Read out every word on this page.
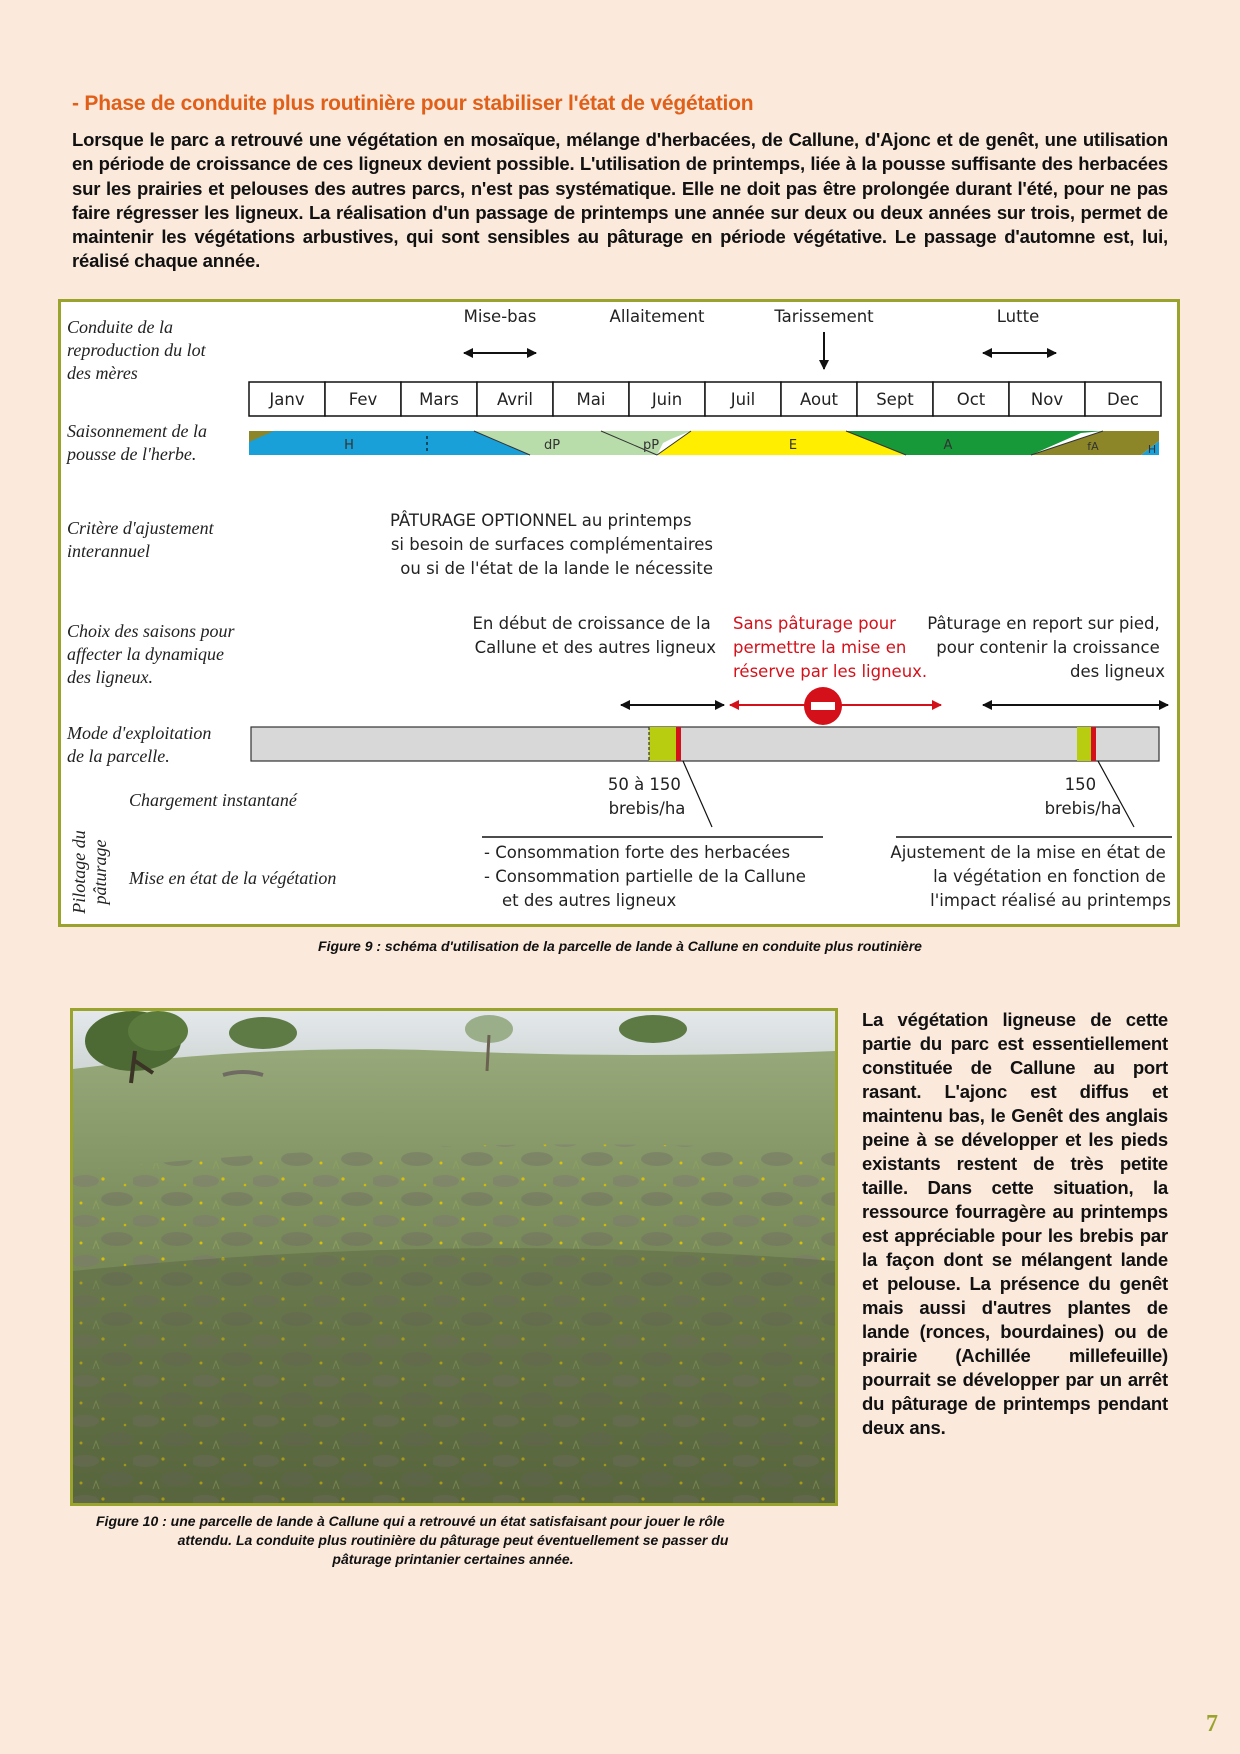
- Phase de conduite plus routinière pour stabiliser l'état de végétation
Lorsque le parc a retrouvé une végétation en mosaïque, mélange d'herbacées, de Callune, d'Ajonc et de genêt, une utilisation en période de croissance de ces ligneux devient possible. L'utilisation de printemps, liée à la pousse suffisante des herbacées sur les prairies et pelouses des autres parcs, n'est pas systématique. Elle ne doit pas être prolongée durant l'été, pour ne pas faire régresser les ligneux. La réalisation d'un passage de printemps une année sur deux ou deux années sur trois, permet de maintenir les végétations arbustives, qui sont sensibles au pâturage en période végétative. Le passage d'automne est, lui, réalisé chaque année.
Conduite de la reproduction du lot des mères
Saisonnement de la pousse de l'herbe.
Critère d'ajustement interannuel
Choix des saisons pour affecter la dynamique des ligneux.
Mode d'exploitation de la parcelle.
Pilotage du pâturage
Chargement instantané
Mise en état de la végétation
Mise-bas	Allaitement	Tarissement	Lutte
Janv	Fev	Mars Avril	Mai	Juin	Juil	Aout Sept	Oct	Nov	Dec
H	dP	pP	E	A	fA	H
PÂTURAGE OPTIONNEL au printemps
si besoin de surfaces complémentaires
ou si de l'état de la lande le nécessite
En début de croissance de la Callune et des autres ligneux
Sans pâturage pour permettre la mise en réserve par les ligneux.
Pâturage en report sur pied, pour contenir la croissance des ligneux
50 à 150 brebis/ha
150 brebis/ha
- Consommation forte des herbacées - Consommation partielle de la Callune et des autres ligneux
Ajustement de la mise en état de la végétation en fonction de l'impact réalisé au printemps
Figure 9 : schéma d'utilisation de la parcelle de lande à Callune en conduite plus routinière
Figure 10 : une parcelle de lande à Callune qui a retrouvé un état satisfaisant pour jouer le rôle
attendu. La conduite plus routinière du pâturage peut éventuellement se passer du
pâturage printanier certaines année.
La végétation ligneuse de cette partie du parc est essentiellement constituée de Callune au port rasant. L'ajonc est diffus et maintenu bas, le Genêt des anglais peine à se développer et les pieds existants restent de très petite taille. Dans cette situation, la ressource fourragère au printemps est appréciable pour les brebis par la façon dont se mélangent lande et pelouse. La présence du genêt mais aussi d'autres plantes de lande (ronces, bourdaines) ou de prairie (Achillée millefeuille) pourrait se développer par un arrêt du pâturage de printemps pendant deux ans.
7
